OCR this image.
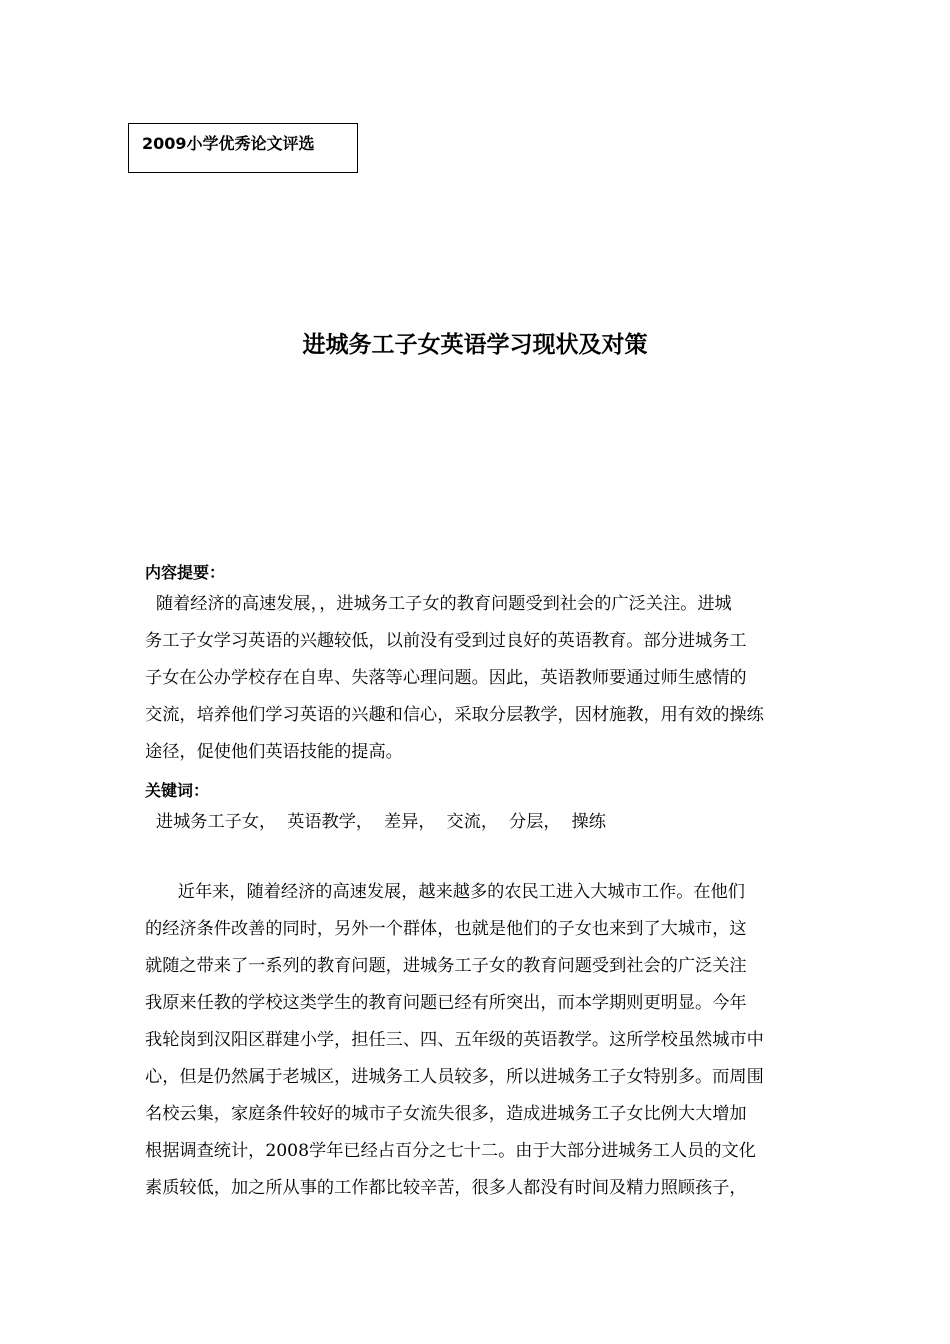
2009小学优秀论文评选
进城务工子女英语学习现状及对策
内容提要：
随着经济的高速发展，，进城务工子女的教育问题受到社会的广泛关注。进城
务工子女学习英语的兴趣较低，以前没有受到过良好的英语教育。部分进城务工
子女在公办学校存在自卑、失落等心理问题。因此，英语教师要通过师生感情的
交流，培养他们学习英语的兴趣和信心，采取分层教学，因材施教，用有效的操练
途径，促使他们英语技能的提高。
关键词：
进城务工子女，  英语教学，  差异，  交流，  分层，  操练
近年来，随着经济的高速发展，越来越多的农民工进入大城市工作。在他们
的经济条件改善的同时，另外一个群体，也就是他们的子女也来到了大城市，这
就随之带来了一系列的教育问题，进城务工子女的教育问题受到社会的广泛关注
我原来任教的学校这类学生的教育问题已经有所突出，而本学期则更明显。今年
我轮岗到汉阳区群建小学，担任三、四、五年级的英语教学。这所学校虽然城市中
心，但是仍然属于老城区，进城务工人员较多，所以进城务工子女特别多。而周围
名校云集，家庭条件较好的城市子女流失很多，造成进城务工子女比例大大增加
根据调查统计，2008学年已经占百分之七十二。由于大部分进城务工人员的文化
素质较低，加之所从事的工作都比较辛苦，很多人都没有时间及精力照顾孩子，
